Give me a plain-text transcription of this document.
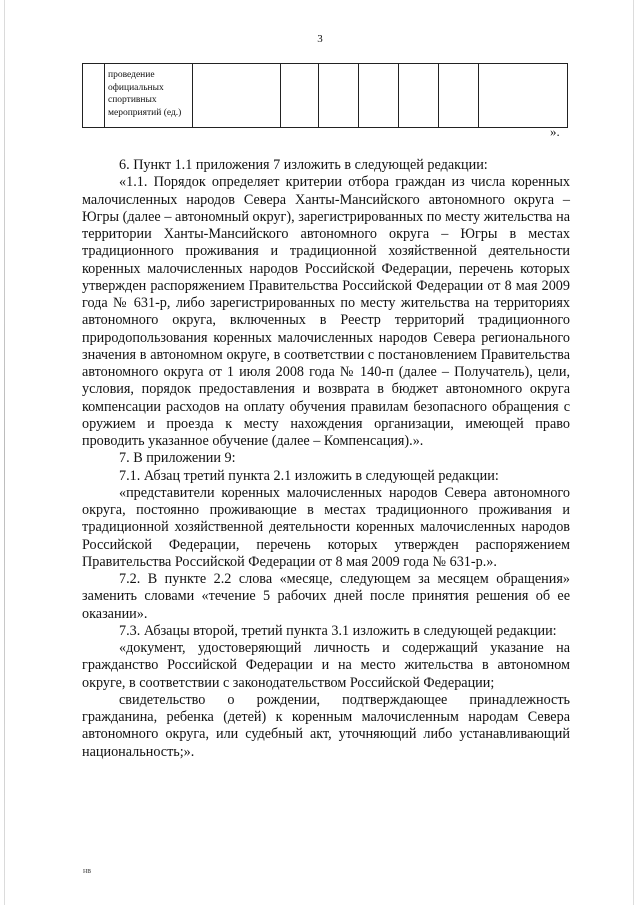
3
	проведение официальных спортивных мероприятий (ед.)							
».

6. Пункт 1.1 приложения 7 изложить в следующей редакции:

«1.1. Порядок определяет критерии отбора граждан из числа коренных малочисленных народов Севера Ханты-Мансийского автономного округа – Югры (далее – автономный округ), зарегистрированных по месту жительства на территории Ханты-Мансийского автономного округа – Югры в местах традиционного проживания и традиционной хозяйственной деятельности коренных малочисленных народов Российской Федерации, перечень которых утвержден распоряжением Правительства Российской Федерации от 8 мая 2009 года № 631-р, либо зарегистрированных по месту жительства на территориях автономного округа, включенных в Реестр территорий традиционного природопользования коренных малочисленных народов Севера регионального значения в автономном округе, в соответствии с постановлением Правительства автономного округа от 1 июля 2008 года № 140-п (далее – Получатель), цели, условия, порядок предоставления и возврата в бюджет автономного округа компенсации расходов на оплату обучения правилам безопасного обращения с оружием и проезда к месту нахождения организации, имеющей право проводить указанное обучение (далее – Компенсация).».

7. В приложении 9:

7.1. Абзац третий пункта 2.1 изложить в следующей редакции:

«представители коренных малочисленных народов Севера автономного округа, постоянно проживающие в местах традиционного проживания и традиционной хозяйственной деятельности коренных малочисленных народов Российской Федерации, перечень которых утвержден распоряжением Правительства Российской Федерации от 8 мая 2009 года № 631-р.».

7.2. В пункте 2.2 слова «месяце, следующем за месяцем обращения» заменить словами «течение 5 рабочих дней после принятия решения об ее оказании».

7.3. Абзацы второй, третий пункта 3.1 изложить в следующей редакции:

«документ, удостоверяющий личность и содержащий указание на гражданство Российской Федерации и на место жительства в автономном округе, в соответствии с законодательством Российской Федерации;

свидетельство о рождении, подтверждающее принадлежность гражданина, ребенка (детей) к коренным малочисленным народам Севера автономного округа, или судебный акт, уточняющий либо устанавливающий национальность;».

нв
